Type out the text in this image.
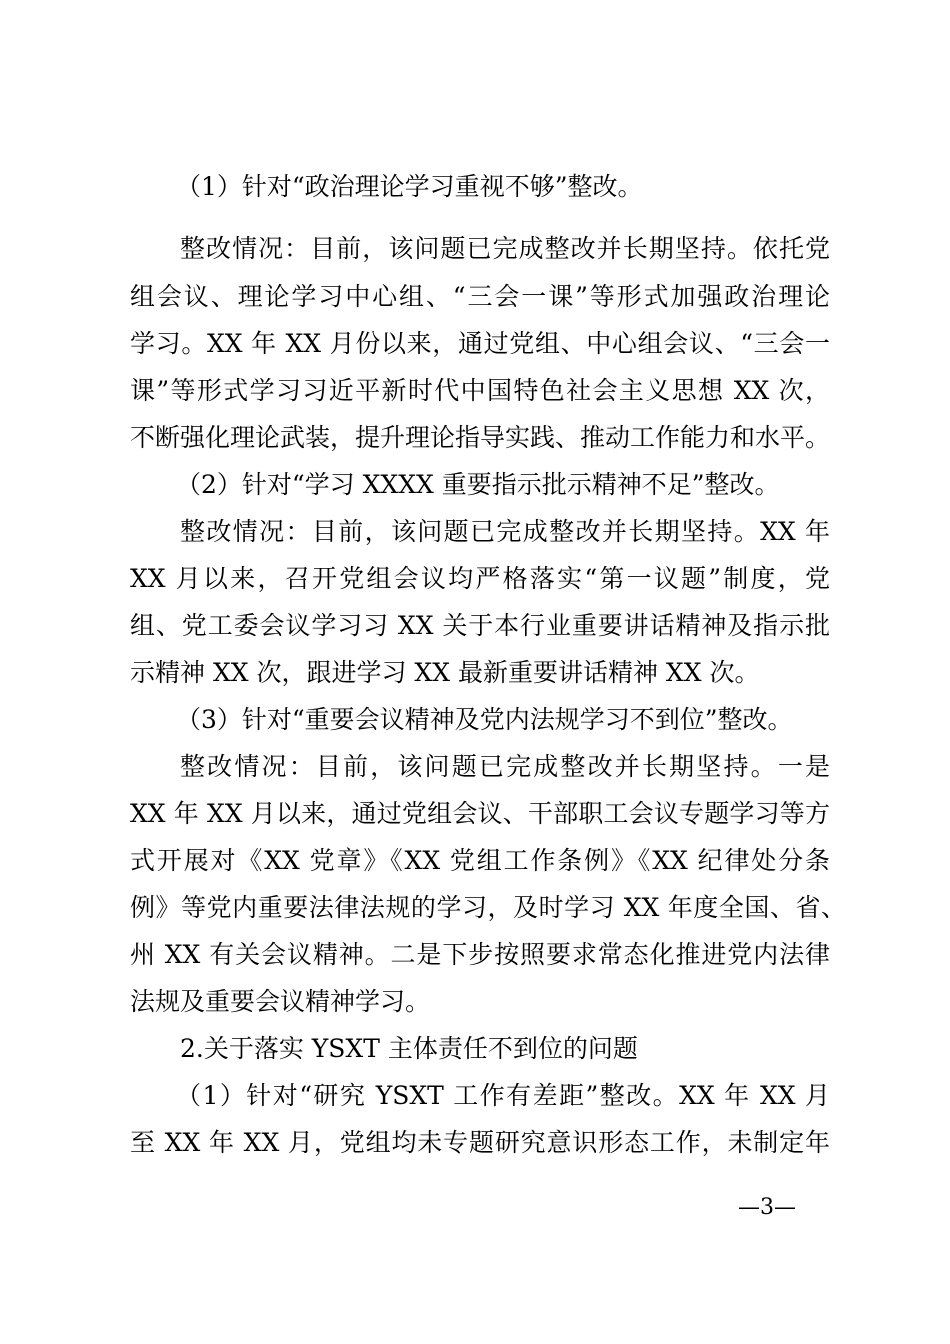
（1）针对“政治理论学习重视不够”整改。
整改情况：目前，该问题已完成整改并长期坚持。依托党
组会议、理论学习中心组、“三会一课”等形式加强政治理论
学习。XX 年 XX 月份以来，通过党组、中心组会议、“三会一
课”等形式学习习近平新时代中国特色社会主义思想 XX 次，
不断强化理论武装，提升理论指导实践、推动工作能力和水平。
（2）针对“学习 XXXX 重要指示批示精神不足”整改。
整改情况：目前，该问题已完成整改并长期坚持。XX 年
XX 月以来，召开党组会议均严格落实“第一议题”制度，党
组、党工委会议学习习 XX 关于本行业重要讲话精神及指示批
示精神 XX 次，跟进学习 XX 最新重要讲话精神 XX 次。
（3）针对“重要会议精神及党内法规学习不到位”整改。
整改情况：目前，该问题已完成整改并长期坚持。一是
XX 年 XX 月以来，通过党组会议、干部职工会议专题学习等方
式开展对《XX 党章》《XX 党组工作条例》《XX 纪律处分条
例》等党内重要法律法规的学习，及时学习 XX 年度全国、省、
州 XX 有关会议精神。二是下步按照要求常态化推进党内法律
法规及重要会议精神学习。
2.关于落实 YSXT 主体责任不到位的问题
（1）针对“研究 YSXT 工作有差距”整改。XX 年 XX 月
至 XX 年 XX 月，党组均未专题研究意识形态工作，未制定年
—3—
